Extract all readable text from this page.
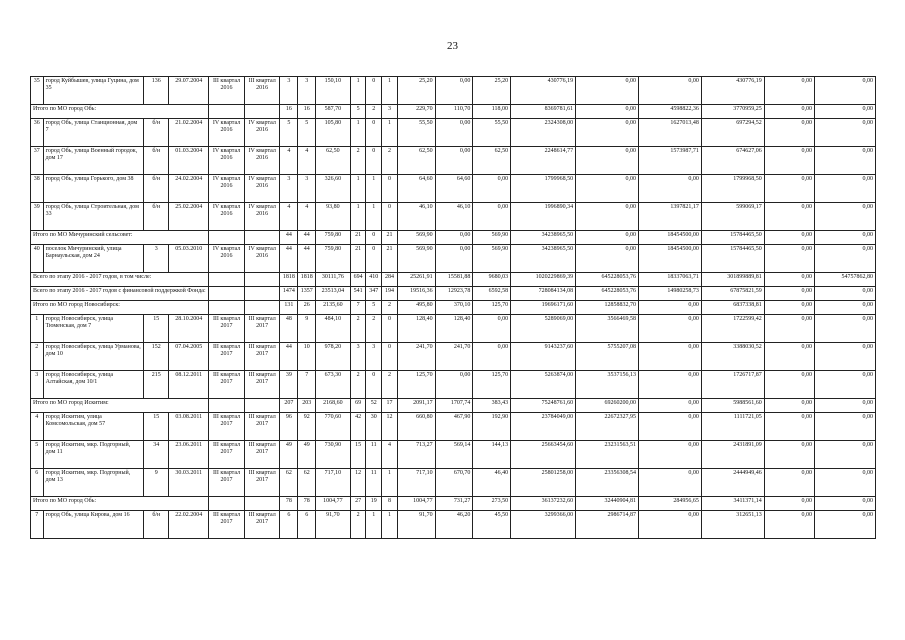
23
35	город Куйбышев, улица Гуцина, дом 35	136	29.07.2004	III квартал 2016	III квартал 2016	3	3	150,10	1	0	1	25,20	0,00	25,20	430776,19	0,00	0,00	430776,19	0,00	0,00
Итого по МО город Обь:						16	16	587,70	5	2	3	229,70	110,70	118,00	8369781,61	0,00	4598822,36	3770959,25	0,00	0,00
36	город Обь, улица Станционная, дом 7	б/н	21.02.2004	IV квартал 2016	IV квартал 2016	5	5	105,80	1	0	1	55,50	0,00	55,50	2324308,00	0,00	1627013,48	697294,52	0,00	0,00
37	город Обь, улица Военный городок, дом 17	б/н	01.03.2004	IV квартал 2016	IV квартал 2016	4	4	62,50	2	0	2	62,50	0,00	62,50	2248614,77	0,00	1573987,71	674627,06	0,00	0,00
38	город Обь, улица Горького, дом 38	б/н	24.02.2004	IV квартал 2016	IV квартал 2016	3	3	326,60	1	1	0	64,60	64,60	0,00	1799968,50	0,00	0,00	1799968,50	0,00	0,00
39	город Обь, улица Строительная, дом 33	б/н	25.02.2004	IV квартал 2016	IV квартал 2016	4	4	93,80	1	1	0	46,10	46,10	0,00	1996890,34	0,00	1397821,17	599069,17	0,00	0,00
Итого по МО Мичуринский сельсовет:						44	44	759,80	21	0	21	569,90	0,00	569,90	34238965,50	0,00	18454500,00	15784465,50	0,00	0,00
40	поселок Мичуринский, улица Барнаульская, дом 24	3	05.03.2010	IV квартал 2016	IV квартал 2016	44	44	759,80	21	0	21	569,90	0,00	569,90	34238965,50	0,00	18454500,00	15784465,50	0,00	0,00
Всего по этапу 2016 - 2017 годов, в том числе:						1818	1818	30111,76	694	410	284	25261,91	15581,88	9680,03	1020229869,39	645228053,76	18337063,71	301899889,81	0,00	54757862,80
Всего по этапу 2016 - 2017 годов с финансовой поддержкой Фонда:						1474	1357	23513,04	541	347	194	19516,36	12923,78	6592,58	728084134,08	645228053,76	14980258,73	67875821,59	0,00	0,00
Итого по МО город Новосибирск:						131	26	2135,60	7	5	2	495,80	370,10	125,70	19696171,60	12858832,70	0,00	6837338,81	0,00	0,00
1	город Новосибирск, улица Тюменская, дом 7	15	28.10.2004	III квартал 2017	III квартал 2017	48	9	484,10	2	2	0	128,40	128,40	0,00	5289069,00	3566469,58	0,00	1722599,42	0,00	0,00
2	город Новосибирск, улица Урманова, дом 10	152	07.04.2005	III квартал 2017	III квартал 2017	44	10	978,20	3	3	0	241,70	241,70	0,00	9143237,60	5755207,08	0,00	3388030,52	0,00	0,00
3	город Новосибирск, улица Алтайская, дом 10/1	215	08.12.2011	III квартал 2017	III квартал 2017	39	7	673,30	2	0	2	125,70	0,00	125,70	5263874,00	3537156,13	0,00	1726717,87	0,00	0,00
Итого по МО город Искитим:						207	203	2168,60	69	52	17	2091,17	1707,74	383,43	75248761,60	69260200,00	0,00	5988561,60	0,00	0,00
4	город Искитим, улица Комсомольская, дом 57	15	03.08.2011	III квартал 2017	III квартал 2017	96	92	770,60	42	30	12	660,80	467,90	192,90	23784049,00	22672327,95	0,00	1111721,05	0,00	0,00
5	город Искитим, мкр. Подгорный, дом 11	34	23.06.2011	III квартал 2017	III квартал 2017	49	49	730,90	15	11	4	713,27	569,14	144,13	25663454,60	23231563,51	0,00	2431891,09	0,00	0,00
6	город Искитим, мкр. Подгорный, дом 13	9	30.03.2011	III квартал 2017	III квартал 2017	62	62	717,10	12	11	1	717,10	670,70	46,40	25801258,00	23356308,54	0,00	2444949,46	0,00	0,00
Итого по МО город Обь:						78	78	1004,77	27	19	8	1004,77	731,27	273,50	36137232,60	32440904,81	284956,65	3411371,14	0,00	0,00
7	город Обь, улица Кирова, дом 16	б/н	22.02.2004	III квартал 2017	III квартал 2017	6	6	91,70	2	1	1	91,70	46,20	45,50	3299366,00	2986714,87	0,00	312651,13	0,00	0,00
